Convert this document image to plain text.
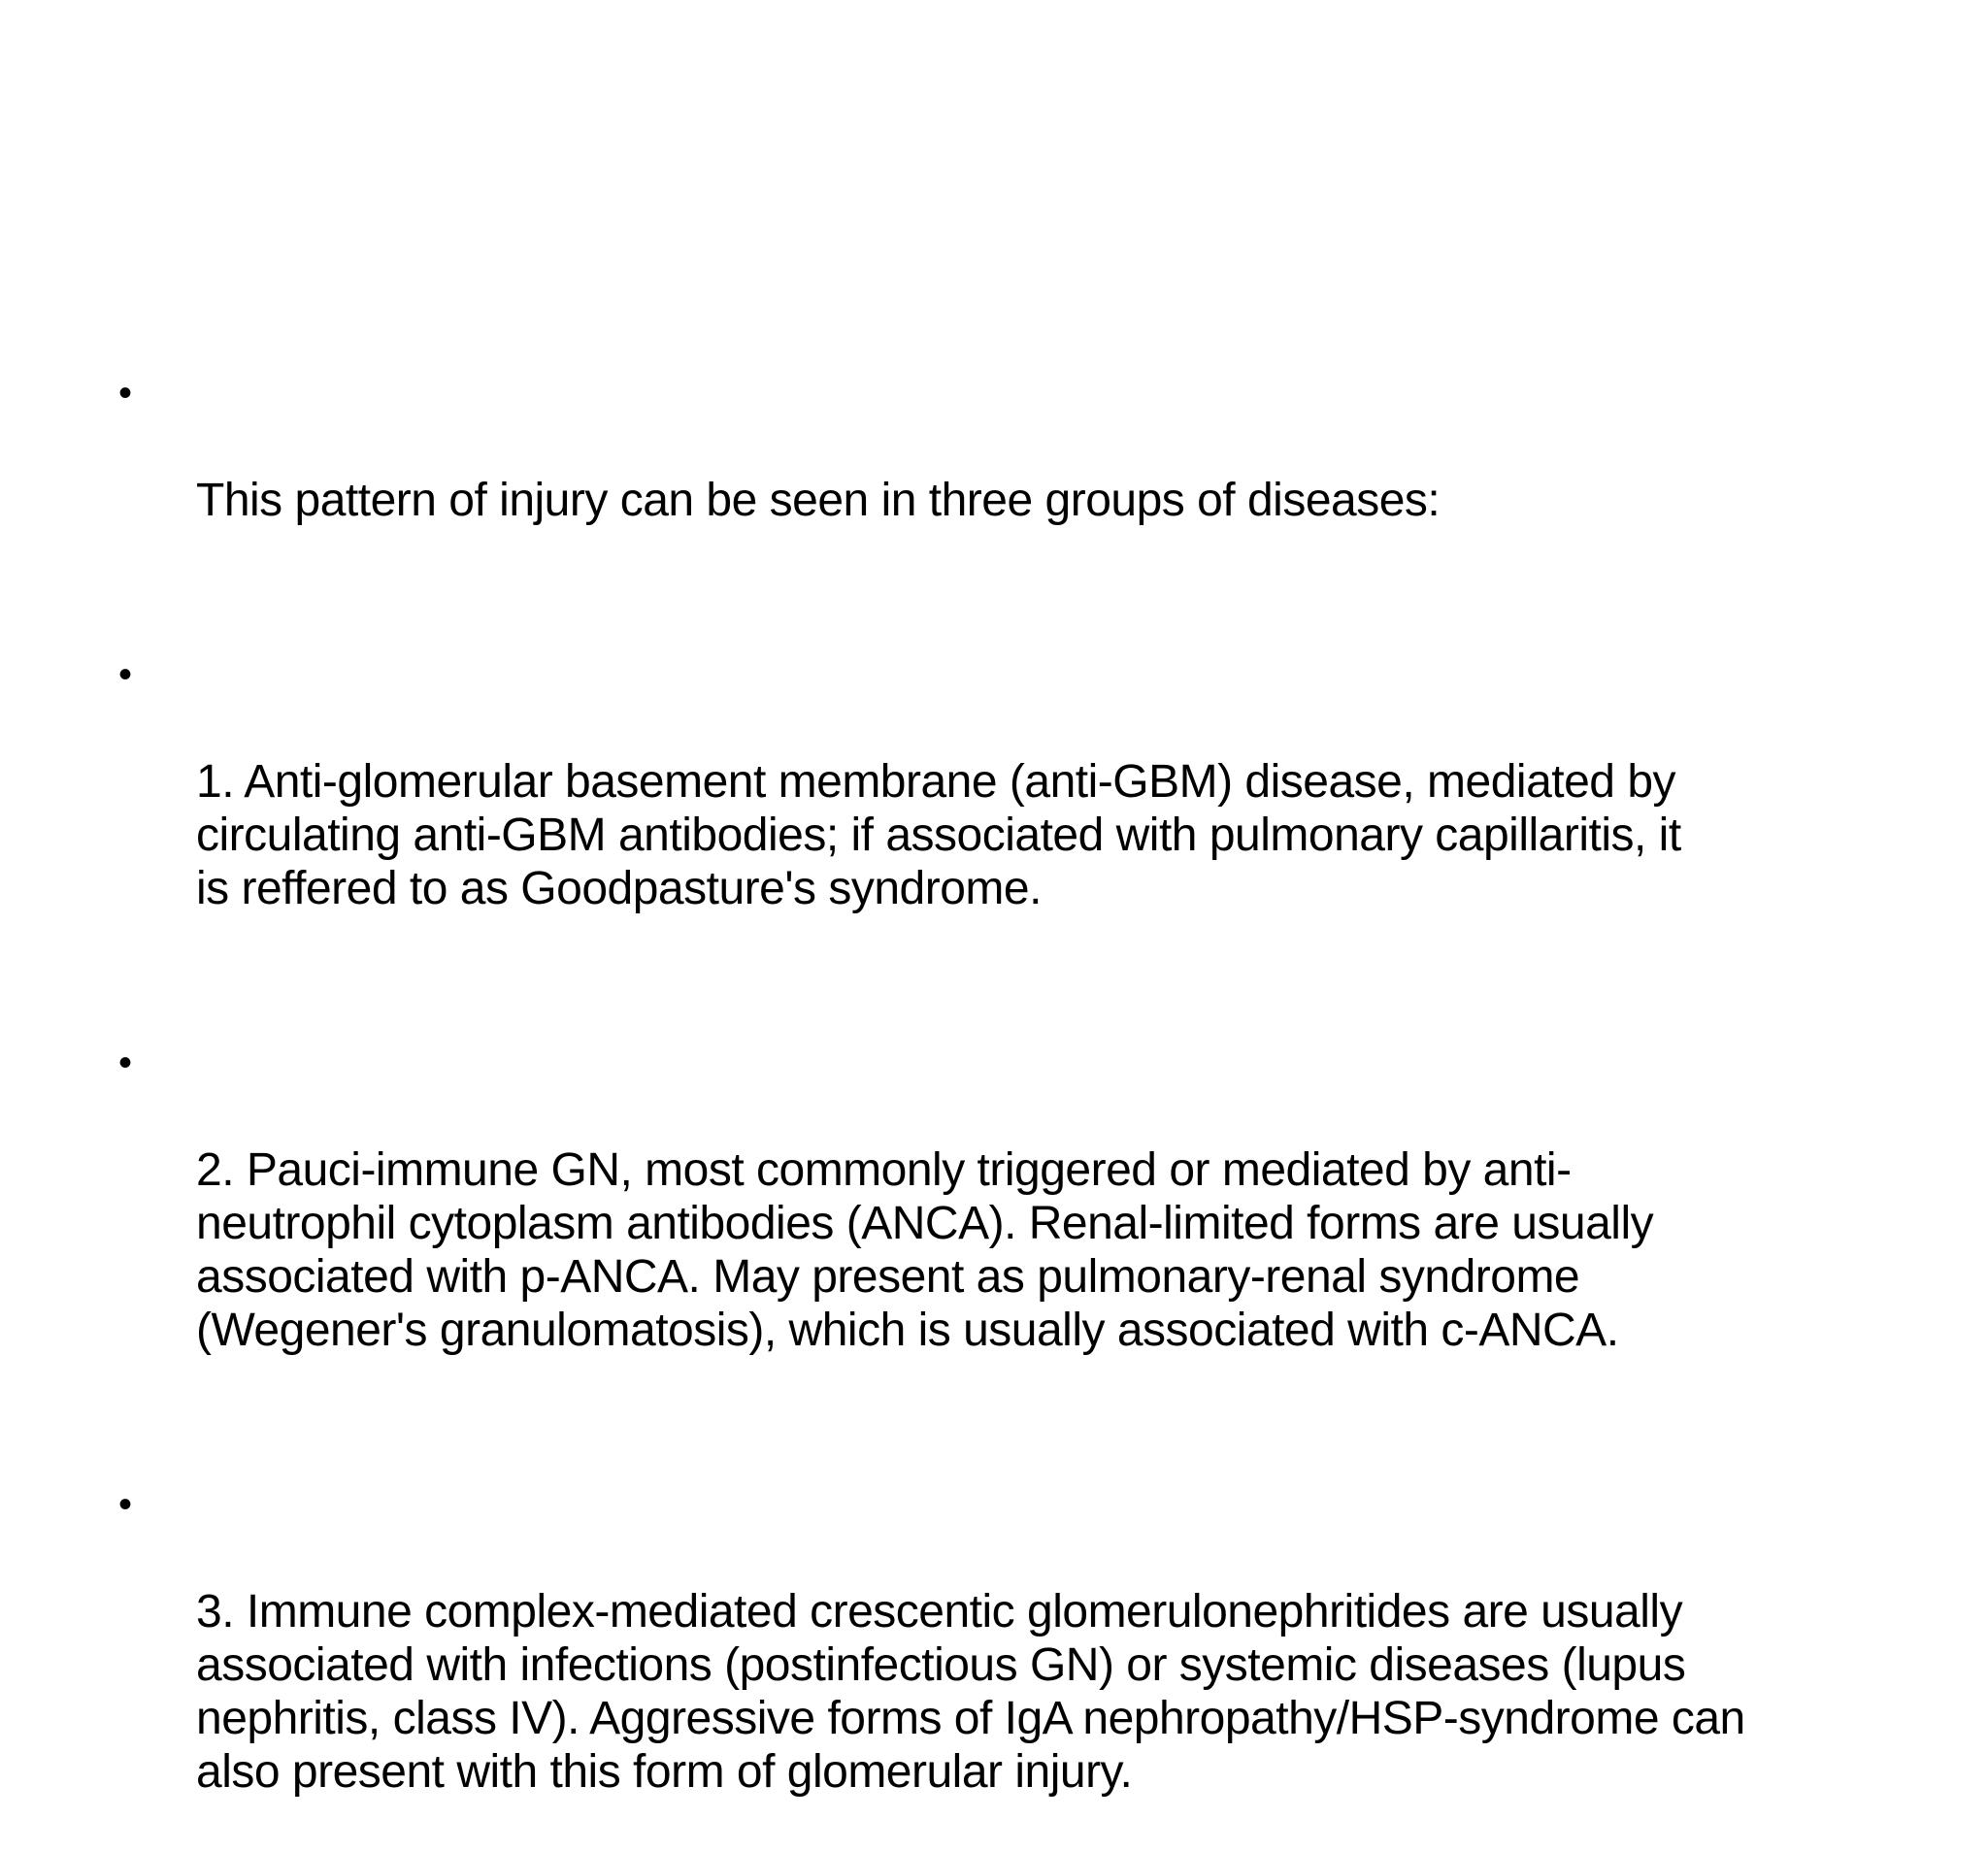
•

This pattern of injury can be seen in three groups of diseases:

•

1. Anti-glomerular basement membrane (anti-GBM) disease, mediated by
circulating anti-GBM antibodies; if associated with pulmonary capillaritis, it
is reffered to as Goodpasture's syndrome.

•

2. Pauci-immune GN, most commonly triggered or mediated by anti-
neutrophil cytoplasm antibodies (ANCA). Renal-limited forms are usually
associated with p-ANCA. May present as pulmonary-renal syndrome
(Wegener's granulomatosis), which is usually associated with c-ANCA.

•

3. Immune complex-mediated crescentic glomerulonephritides are usually
associated with infections (postinfectious GN) or systemic diseases (lupus
nephritis, class IV). Aggressive forms of IgA nephropathy/HSP-syndrome can
also present with this form of glomerular injury.
